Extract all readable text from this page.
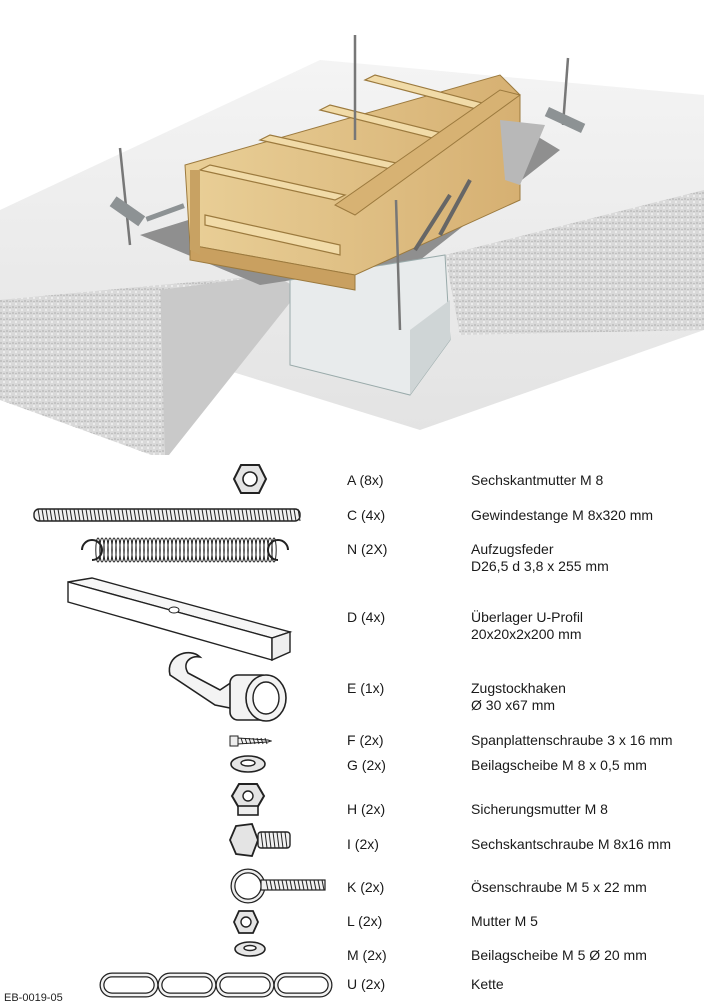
A (8x)	Sechskantmutter M 8
C (4x)	Gewindestange M 8x320 mm
N (2X)	Aufzugsfeder
D26,5 d 3,8 x 255 mm
D (4x)	Überlager U-Profil
20x20x2x200 mm
E (1x)	Zugstockhaken
Ø 30 x67 mm
F (2x)	Spanplattenschraube 3 x 16 mm
G (2x)	Beilagscheibe M 8 x 0,5 mm
H (2x)	Sicherungsmutter M 8
I (2x)	Sechskantschraube M 8x16 mm
K (2x)	Ösenschraube M 5 x 22 mm
L (2x)	Mutter M 5
M (2x)	Beilagscheibe M 5 Ø 20 mm
U (2x)	Kette
EB-0019-05
